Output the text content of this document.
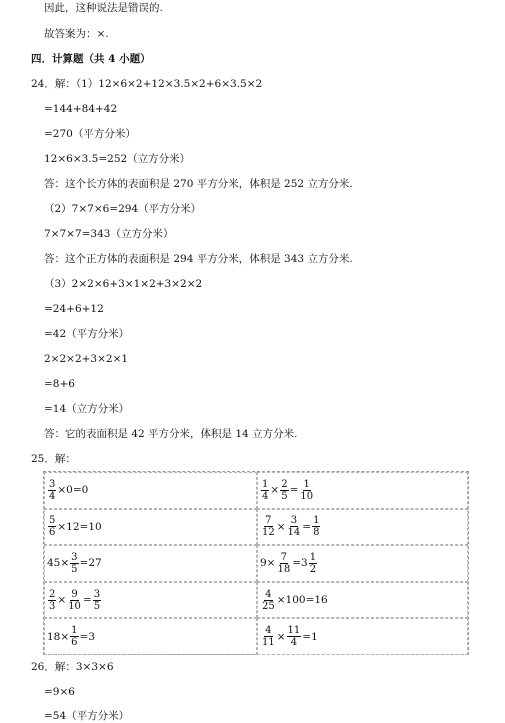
因此，这种说法是错误的.
故答案为：×.
四．计算题（共 4 小题）
24．解：（1）12×6×2+12×3.5×2+6×3.5×2
=144+84+42
=270（平方分米）
12×6×3.5=252（立方分米）
答：这个长方体的表面积是 270 平方分米，体积是 252 立方分米.
（2）7×7×6=294（平方分米）
7×7×7=343（立方分米）
答：这个正方体的表面积是 294 平方分米，体积是 343 立方分米.
（3）2×2×6+3×1×2+3×2×2
=24+6+12
=42（平方分米）
2×2×2+3×2×1
=8+6
=14（立方分米）
答：它的表面积是 42 平方分米，体积是 14 立方分米.
25．解：
$\frac{3}{4} \times 0=0$	$\frac{1}{4} \times \frac{2}{5} = \frac{1}{10}$
$\frac{5}{6} \times 12=10$	$\frac{7}{12} \times \frac{3}{14} = \frac{1}{8}$
$45\times \frac{3}{5} =27$	$9\times \frac{7}{18} =3 \frac{1}{2}$
$\frac{2}{3} \times \frac{9}{10} = \frac{3}{5}$	$\frac{4}{25} \times 100=16$
$18\times \frac{1}{6} =3$	$\frac{4}{11} \times \frac{11}{4} =1$
26．解：3×3×6
=9×6
=54（平方分米）
